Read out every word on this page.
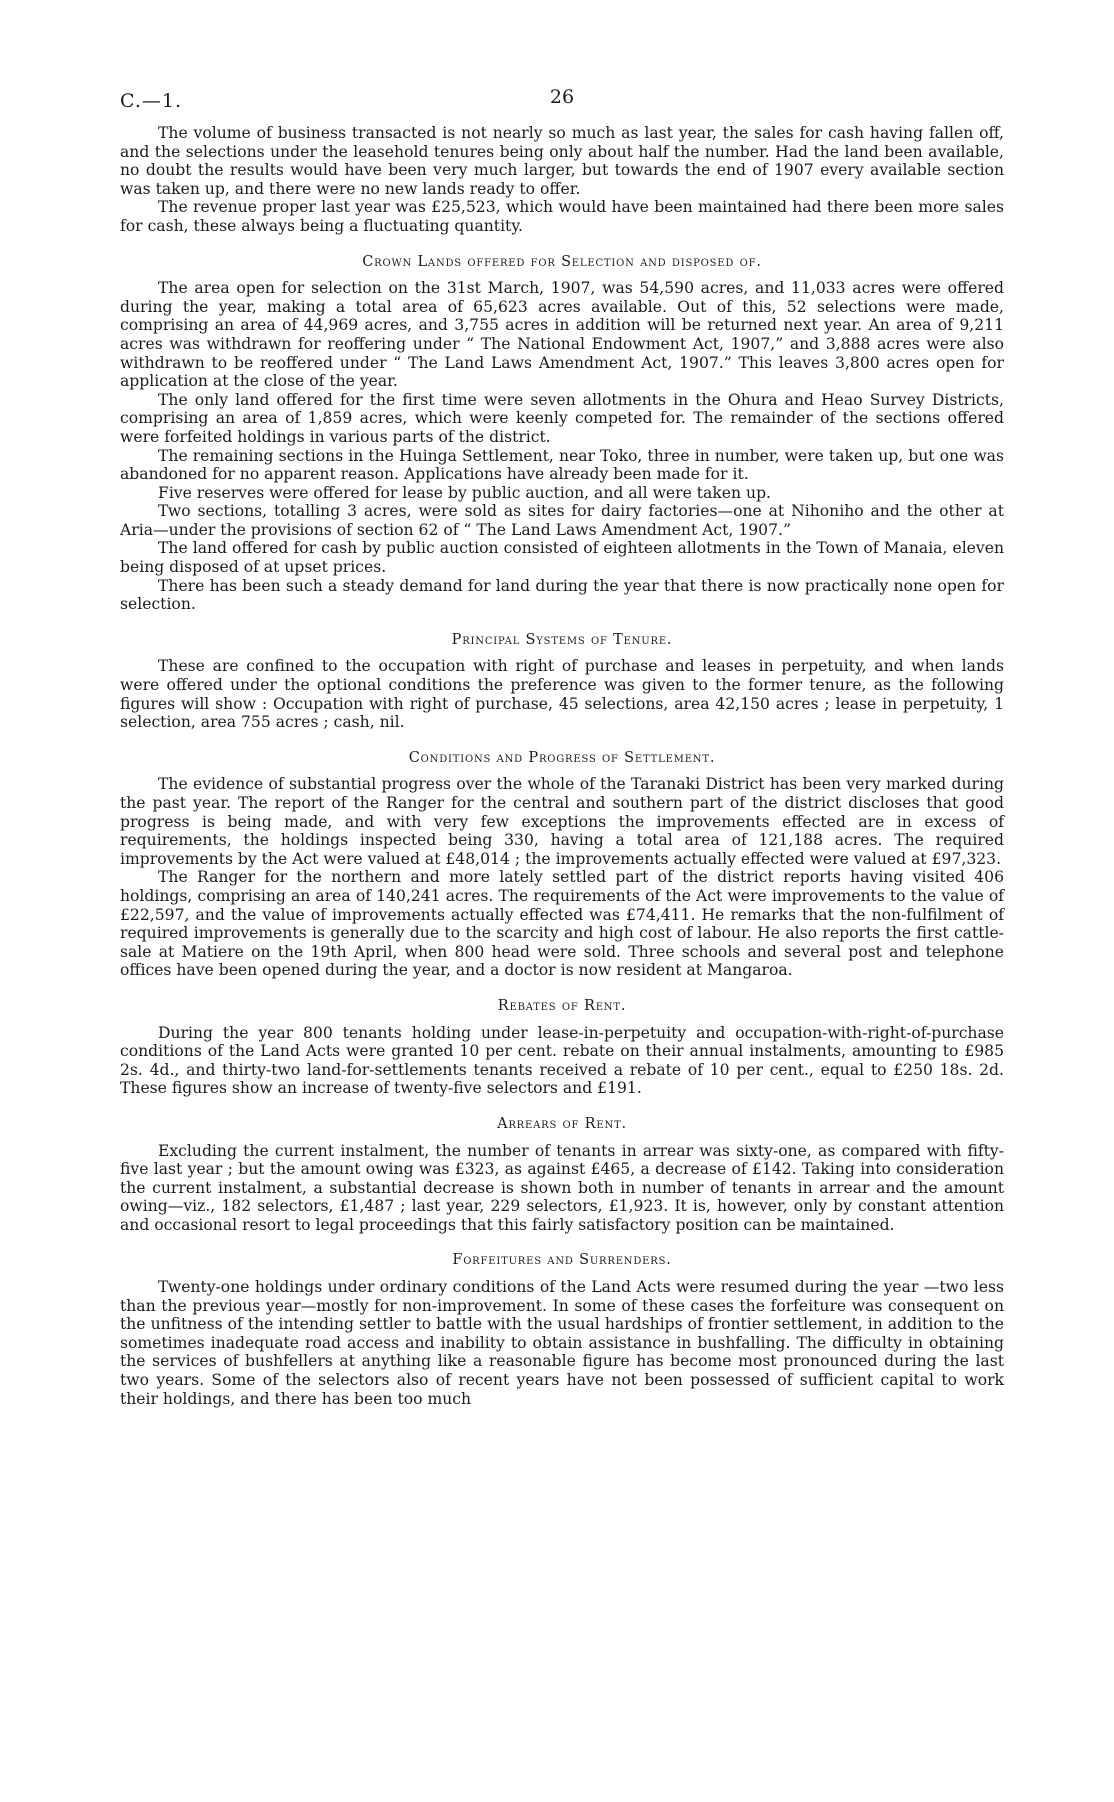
C.—1.	26

The volume of business transacted is not nearly so much as last year, the sales for cash having fallen off, and the selections under the leasehold tenures being only about half the number. Had the land been available, no doubt the results would have been very much larger, but towards the end of 1907 every available section was taken up, and there were no new lands ready to offer.

The revenue proper last year was £25,523, which would have been maintained had there been more sales for cash, these always being a fluctuating quantity.

Crown Lands offered for Selection and disposed of.

The area open for selection on the 31st March, 1907, was 54,590 acres, and 11,033 acres were offered during the year, making a total area of 65,623 acres available. Out of this, 52 selections were made, comprising an area of 44,969 acres, and 3,755 acres in addition will be returned next year. An area of 9,211 acres was withdrawn for reoffering under “ The National Endowment Act, 1907,” and 3,888 acres were also withdrawn to be reoffered under “ The Land Laws Amendment Act, 1907.” This leaves 3,800 acres open for application at the close of the year.

The only land offered for the first time were seven allotments in the Ohura and Heao Survey Districts, comprising an area of 1,859 acres, which were keenly competed for. The remainder of the sections offered were forfeited holdings in various parts of the district.

The remaining sections in the Huinga Settlement, near Toko, three in number, were taken up, but one was abandoned for no apparent reason. Applications have already been made for it.

Five reserves were offered for lease by public auction, and all were taken up.

Two sections, totalling 3 acres, were sold as sites for dairy factories—one at Nihoniho and the other at Aria—under the provisions of section 62 of “ The Land Laws Amendment Act, 1907.”

The land offered for cash by public auction consisted of eighteen allotments in the Town of Manaia, eleven being disposed of at upset prices.

There has been such a steady demand for land during the year that there is now practically none open for selection.

Principal Systems of Tenure.

These are confined to the occupation with right of purchase and leases in perpetuity, and when lands were offered under the optional conditions the preference was given to the former tenure, as the following figures will show : Occupation with right of purchase, 45 selections, area 42,150 acres ; lease in perpetuity, 1 selection, area 755 acres ; cash, nil.

Conditions and Progress of Settlement.

The evidence of substantial progress over the whole of the Taranaki District has been very marked during the past year. The report of the Ranger for the central and southern part of the district discloses that good progress is being made, and with very few exceptions the improvements effected are in excess of requirements, the holdings inspected being 330, having a total area of 121,188 acres. The required improvements by the Act were valued at £48,014 ; the improvements actually effected were valued at £97,323.

The Ranger for the northern and more lately settled part of the district reports having visited 406 holdings, comprising an area of 140,241 acres. The requirements of the Act were improvements to the value of £22,597, and the value of improvements actually effected was £74,411. He remarks that the non-fulfilment of required improvements is generally due to the scarcity and high cost of labour. He also reports the first cattle-sale at Matiere on the 19th April, when 800 head were sold. Three schools and several post and telephone offices have been opened during the year, and a doctor is now resident at Mangaroa.

Rebates of Rent.

During the year 800 tenants holding under lease-in-perpetuity and occupation-with-right-of-purchase conditions of the Land Acts were granted 10 per cent. rebate on their annual instalments, amounting to £985 2s. 4d., and thirty-two land-for-settlements tenants received a rebate of 10 per cent., equal to £250 18s. 2d. These figures show an increase of twenty-five selectors and £191.

Arrears of Rent.

Excluding the current instalment, the number of tenants in arrear was sixty-one, as compared with fifty-five last year ; but the amount owing was £323, as against £465, a decrease of £142. Taking into consideration the current instalment, a substantial decrease is shown both in number of tenants in arrear and the amount owing—viz., 182 selectors, £1,487 ; last year, 229 selectors, £1,923. It is, however, only by constant attention and occasional resort to legal proceedings that this fairly satisfactory position can be maintained.

Forfeitures and Surrenders.

Twenty-one holdings under ordinary conditions of the Land Acts were resumed during the year —two less than the previous year—mostly for non-improvement. In some of these cases the forfeiture was consequent on the unfitness of the intending settler to battle with the usual hardships of frontier settlement, in addition to the sometimes inadequate road access and inability to obtain assistance in bushfalling. The difficulty in obtaining the services of bushfellers at anything like a reasonable figure has become most pronounced during the last two years. Some of the selectors also of recent years have not been possessed of sufficient capital to work their holdings, and there has been too much
